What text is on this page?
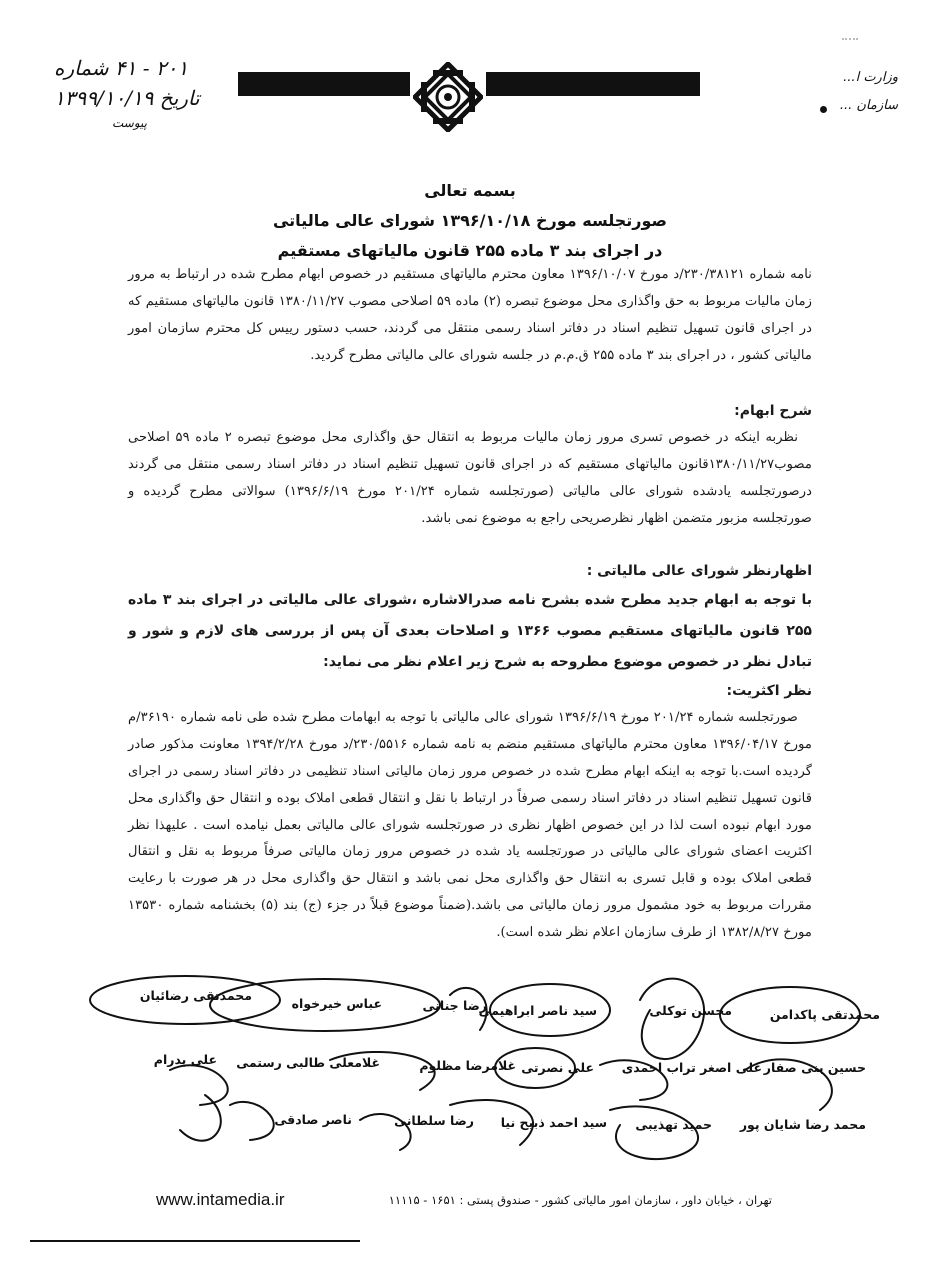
وزارت ا...
سازمان ...
۲۰۱ - ۴۱ شماره
تاریخ ۱۳۹۹/۱۰/۱۹
پیوست
بسمه تعالی
صورتجلسه مورخ ۱۳۹۶/۱۰/۱۸ شورای عالی مالیاتی
در اجرای بند ۳ ماده ۲۵۵ قانون مالیاتهای مستقیم

نامه شماره ۲۳۰/۳۸۱۲۱/د مورخ ۱۳۹۶/۱۰/۰۷ معاون محترم مالیاتهای مستقیم در خصوص ابهام مطرح شده در ارتباط به مرور زمان مالیات مربوط به حق واگذاری محل موضوع تبصره (۲) ماده ۵۹ اصلاحی مصوب ۱۳۸۰/۱۱/۲۷ قانون مالیاتهای مستقیم که در اجرای قانون تسهیل تنظیم اسناد در دفاتر اسناد رسمی منتقل می گردند، حسب دستور رییس کل محترم سازمان امور مالیاتی کشور ، در اجرای بند ۳ ماده ۲۵۵ ق.م.م در جلسه شورای عالی مالیاتی مطرح گردید.

شرح ابهام:

نظربه اینکه در خصوص تسری مرور زمان مالیات مربوط به انتقال حق واگذاری محل موضوع تبصره ۲ ماده ۵۹ اصلاحی مصوب۱۳۸۰/۱۱/۲۷قانون مالیاتهای مستقیم که در اجرای قانون تسهیل تنظیم اسناد در دفاتر اسناد رسمی منتقل می گردند درصورتجلسه یادشده شورای عالی مالیاتی (صورتجلسه شماره ۲۰۱/۲۴ مورخ ۱۳۹۶/۶/۱۹) سوالاتی مطرح گردیده و صورتجلسه مزبور متضمن اظهار نظرصریحی راجع به موضوع نمی باشد.

اظهارنظر شورای عالی مالیاتی :

با توجه به ابهام جدید مطرح شده بشرح نامه صدرالاشاره ،شورای عالی مالیاتی در اجرای بند ۳ ماده ۲۵۵ قانون مالیاتهای مستقیم مصوب ۱۳۶۶ و اصلاحات بعدی آن پس از بررسی های لازم و شور و تبادل نظر در خصوص موضوع مطروحه به شرح زیر اعلام نظر می نماید:

نظر اکثریت:

صورتجلسه شماره ۲۰۱/۲۴ مورخ ۱۳۹۶/۶/۱۹ شورای عالی مالیاتی با توجه به ابهامات مطرح شده طی نامه شماره ۳۶۱۹۰/م مورخ ۱۳۹۶/۰۴/۱۷ معاون محترم مالیاتهای مستقیم منضم به نامه شماره ۲۳۰/۵۵۱۶/د مورخ ۱۳۹۴/۲/۲۸ معاونت مذکور صادر گردیده است.با توجه به اینکه ابهام مطرح شده در خصوص مرور زمان مالیاتی اسناد تنظیمی در دفاتر اسناد رسمی در اجرای قانون تسهیل تنظیم اسناد در دفاتر اسناد رسمی صرفاً در ارتباط با نقل و انتقال قطعی املاک بوده و انتقال حق واگذاری محل مورد ابهام نبوده است لذا در این خصوص اظهار نظری در صورتجلسه شورای عالی مالیاتی بعمل نیامده است . علیهذا نظر اکثریت اعضای شورای عالی مالیاتی در صورتجلسه یاد شده در خصوص مرور زمان مالیاتی صرفاً مربوط به نقل و انتقال قطعی املاک بوده و قابل تسری به انتقال حق واگذاری محل نمی باشد و انتقال حق واگذاری محل در هر صورت با رعایت مقررات مربوط به خود مشمول مرور زمان مالیاتی می باشد.(ضمناً موضوع قبلاً در جزء (ج) بند (۵) بخشنامه شماره ۱۳۵۳۰ مورخ ۱۳۸۲/۸/۲۷ از طرف سازمان اعلام نظر شده است).

محمدتقی پاکدامن
محسن توکلی
سید ناصر ابراهیمی
رضا جنانی
عباس خیرخواه
محمدتقی رضائیان
حسین بنی صفار
علی اصغر تراب احمدی
علی نصرتی
غلامرضا مظلوم
غلامعلی طالبی رستمی
علی پدرام
محمد رضا شایان پور
حمید تهذیبی
سید احمد ذبیح نیا
رضا سلطانی
ناصر صادقی
www.intamedia.ir	تهران ، خیابان داور ، سازمان امور مالیاتی کشور - صندوق پستی : ۱۶۵۱ - ۱۱۱۱۵
